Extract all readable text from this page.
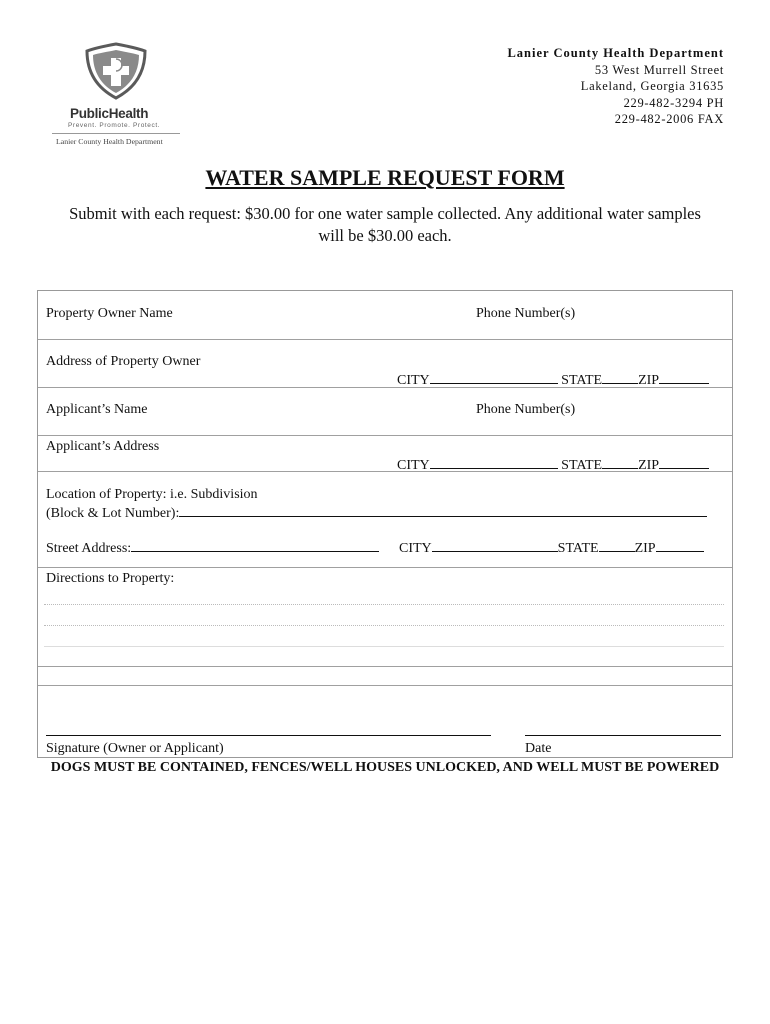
PublicHealth
Prevent. Promote. Protect.
Lanier County Health Department
Lanier County Health Department
53 West Murrell Street
Lakeland, Georgia 31635
229-482-3294 PH
229-482-2006 FAX
WATER SAMPLE REQUEST FORM
Submit with each request: $30.00 for one water sample collected. Any additional water samples will be $30.00 each.
Property Owner Name	Phone Number(s)
Address of Property Owner
CITY	STATE	ZIP
Applicant’s Name	Phone Number(s)
Applicant’s Address
CITY	STATE	ZIP
Location of Property: i.e. Subdivision
(Block & Lot Number):
Street Address:	CITY	STATE	ZIP
Directions to Property:
Signature (Owner or Applicant)	Date
DOGS MUST BE CONTAINED, FENCES/WELL HOUSES UNLOCKED, AND WELL MUST BE POWERED
